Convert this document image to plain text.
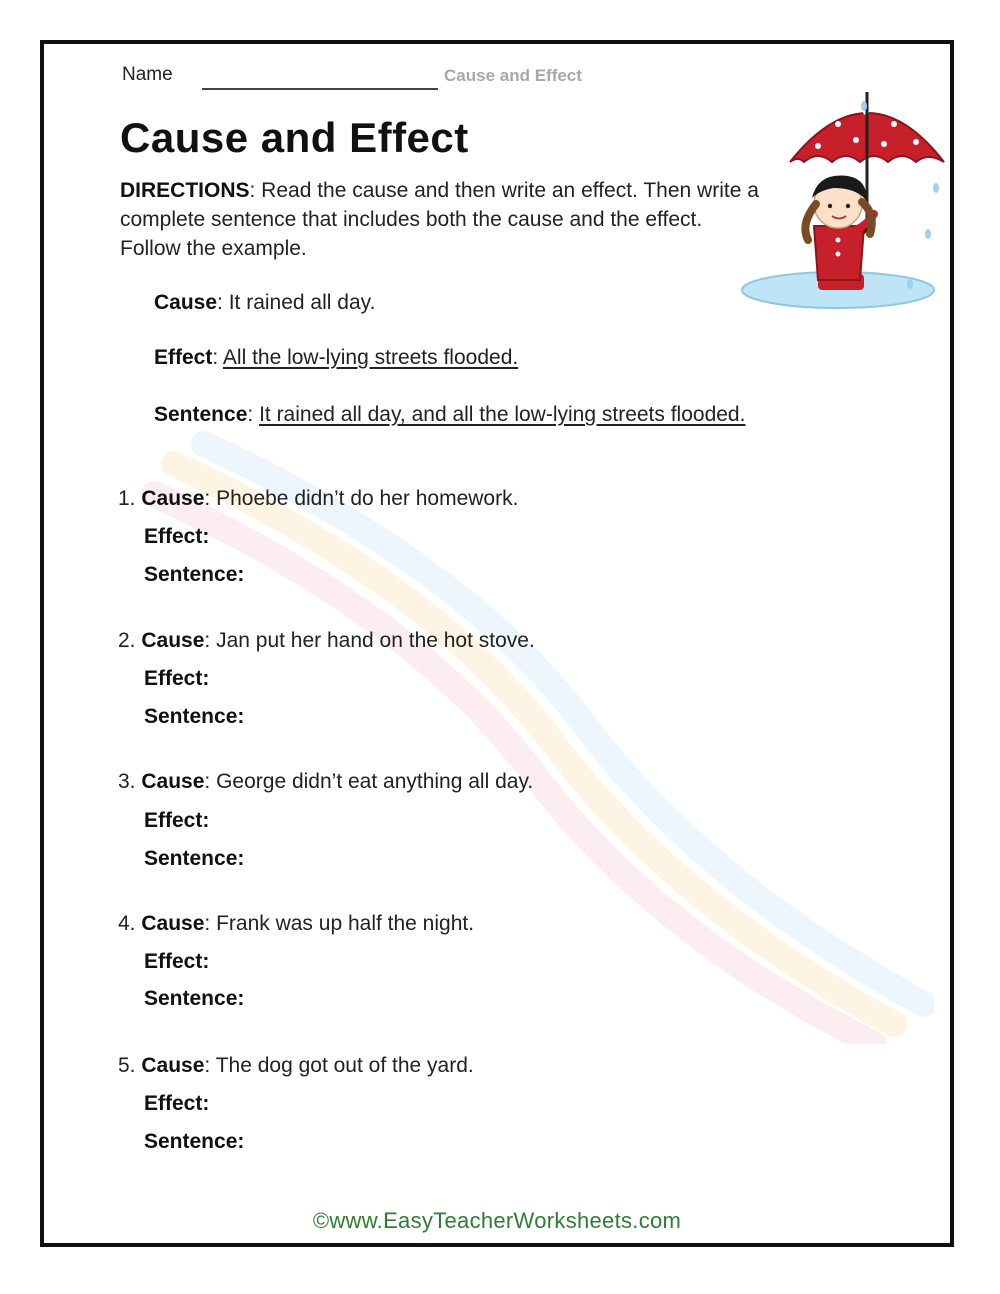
Name	Cause and Effect
Cause and Effect
DIRECTIONS: Read the cause and then write an effect. Then write a complete sentence that includes both the cause and the effect. Follow the example.
Cause: It rained all day.
Effect: All the low-lying streets flooded.
Sentence: It rained all day, and all the low-lying streets flooded.
1. Cause: Phoebe didn’t do her homework.
Effect:
Sentence:
2. Cause: Jan put her hand on the hot stove.
Effect:
Sentence:
3. Cause: George didn’t eat anything all day.
Effect:
Sentence:
4. Cause: Frank was up half the night.
Effect:
Sentence:
5. Cause: The dog got out of the yard.
Effect:
Sentence:
©www.EasyTeacherWorksheets.com
